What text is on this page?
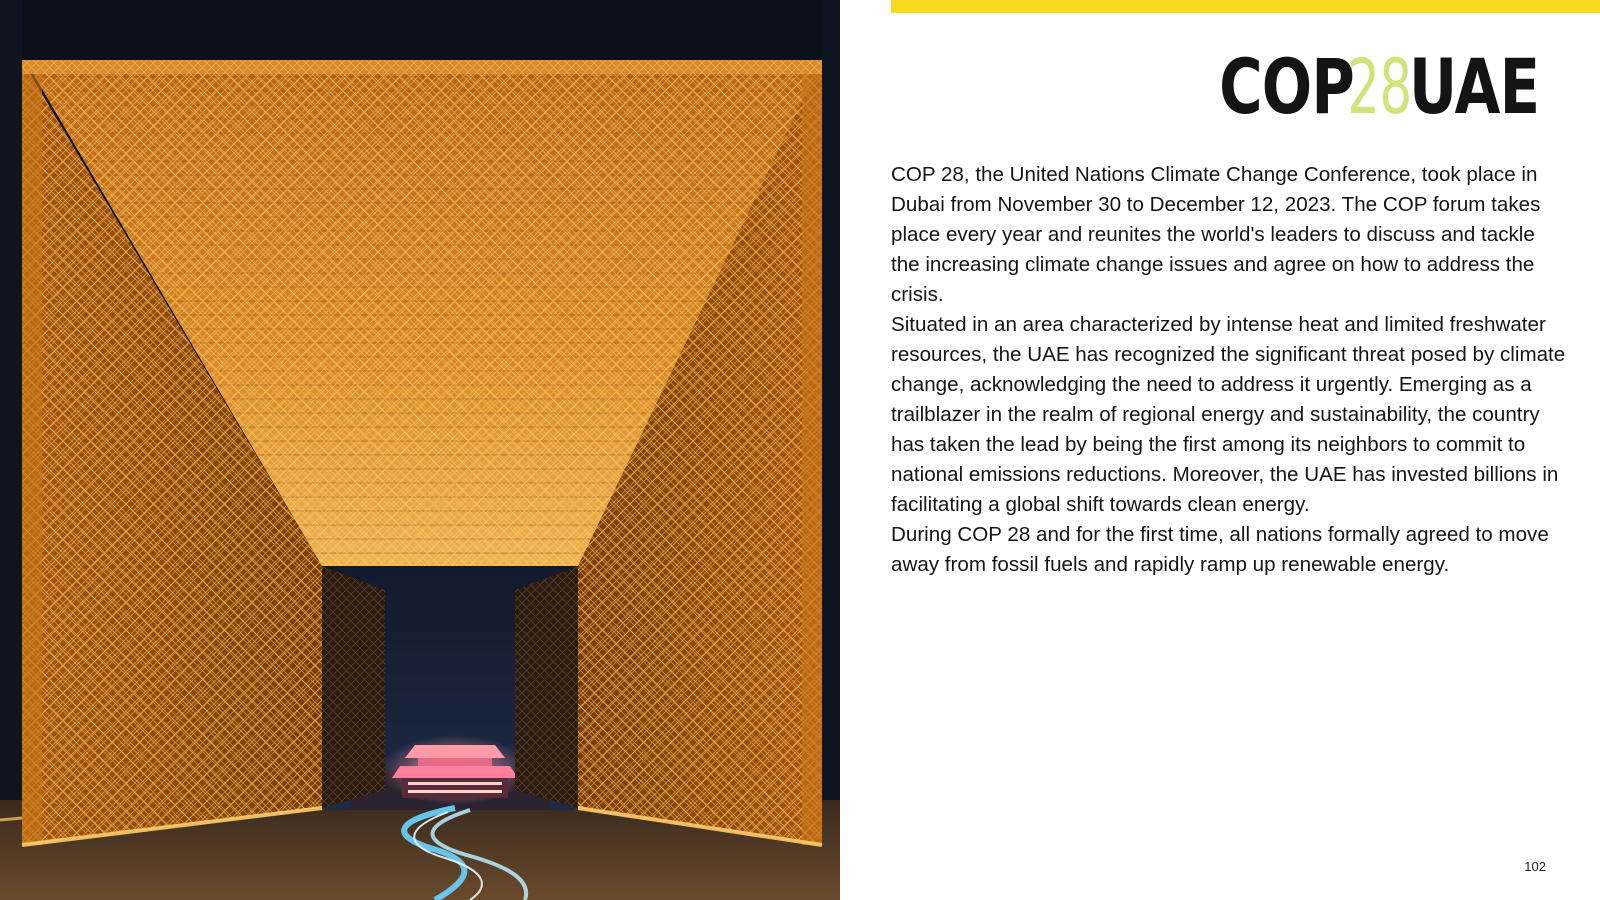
COP
28
UAE

COP 28, the United Nations Climate Change Conference, took place in Dubai from November 30 to December 12, 2023. The COP forum takes place every year and reunites the world's leaders to discuss and tackle the increasing climate change issues and agree on how to address the crisis.

Situated in an area characterized by intense heat and limited freshwater resources, the UAE has recognized the significant threat posed by climate change, acknowledging the need to address it urgently. Emerging as a trailblazer in the realm of regional energy and sustainability, the country has taken the lead by being the first among its neighbors to commit to national emissions reductions. Moreover, the UAE has invested billions in facilitating a global shift towards clean energy.

During COP 28 and for the first time, all nations formally agreed to move away from fossil fuels and rapidly ramp up renewable energy.

102
